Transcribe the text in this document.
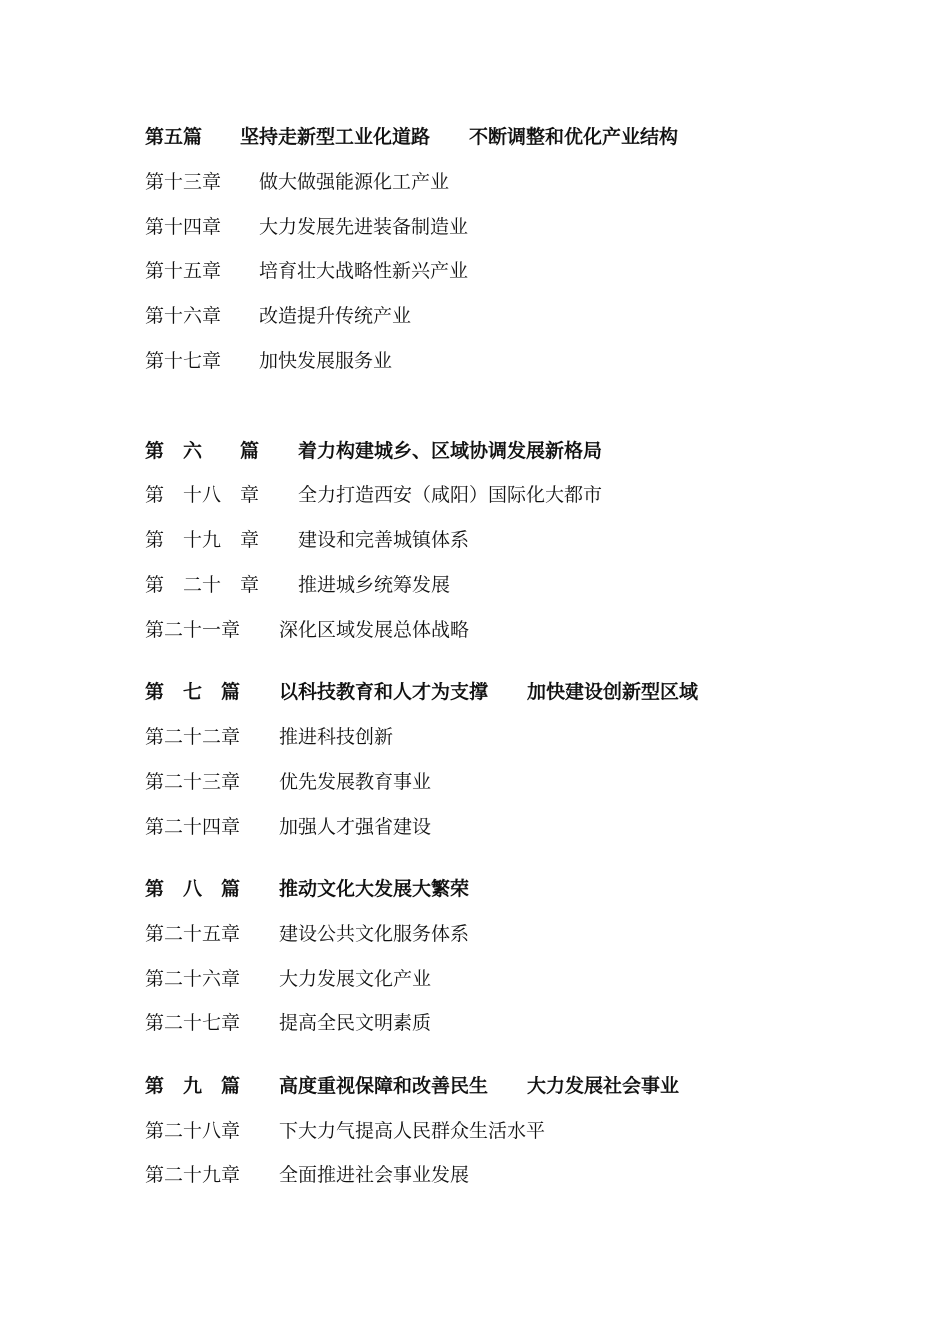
第五篇

坚持走新型工业化道路

不断调整和优化产业结构

第十三章

做大做强能源化工产业

第十四章

大力发展先进装备制造业

第十五章

培育壮大战略性新兴产业

第十六章

改造提升传统产业

第十七章

加快发展服务业

第

六

篇

着力构建城乡、区域协调发展新格局

第

十八

章

全力打造西安（咸阳）国际化大都市

第

十九

章

建设和完善城镇体系

第

二十

章

推进城乡统筹发展

第二十一章

深化区域发展总体战略

第

七

篇

以科技教育和人才为支撑

加快建设创新型区域

第二十二章

推进科技创新

第二十三章

优先发展教育事业

第二十四章

加强人才强省建设

第

八

篇

推动文化大发展大繁荣

第二十五章

建设公共文化服务体系

第二十六章

大力发展文化产业

第二十七章

提高全民文明素质

第

九

篇

高度重视保障和改善民生

大力发展社会事业

第二十八章

下大力气提高人民群众生活水平

第二十九章

全面推进社会事业发展
